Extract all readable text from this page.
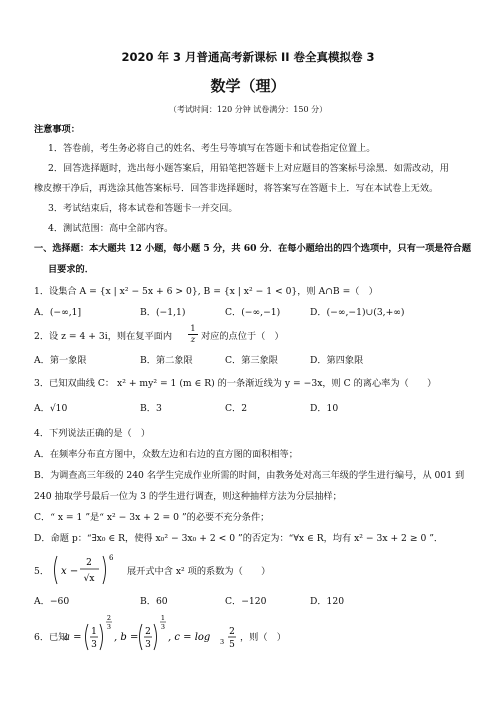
2020 年 3 月普通高考新课标 II 卷全真模拟卷 3
数学（理）
（考试时间：120 分钟 试卷满分：150 分）
注意事项：
1．答卷前，考生务必将自己的姓名、考生号等填写在答题卡和试卷指定位置上。
2．回答选择题时，选出每小题答案后，用铅笔把答题卡上对应题目的答案标号涂黑．如需改动，用
橡皮擦干净后，再选涂其他答案标号．回答非选择题时，将答案写在答题卡上．写在本试卷上无效。
3．考试结束后，将本试卷和答题卡一并交回。
4．测试范围：高中全部内容。
一、选择题：本大题共 12 小题，每小题 5 分，共 60 分．在每小题给出的四个选项中，只有一项是符合题
目要求的．
1．设集合 A = {x | x² − 5x + 6 > 0}, B = {x | x² − 1 < 0}，则 A∩B =（　）
A．(−∞,1]	B．(−1,1)	C．(−∞,−1)	D．(−∞,−1)∪(3,+∞)
2．设 z = 4 + 3i，则在复平面内 $\frac{1}{z}$ 对应的点位于（　）
A．第一象限	B．第二象限	C．第三象限	D．第四象限
3．已知双曲线 C： x² + my² = 1 (m ∈ R) 的一条渐近线为 y = −3x，则 C 的离心率为（　　）
A．√10	B．3	C．2	D．10
4．下列说法正确的是（　）
A．在频率分布直方图中，众数左边和右边的直方图的面积相等；
B．为调查高三年级的 240 名学生完成作业所需的时间，由教务处对高三年级的学生进行编号，从 001 到
240 抽取学号最后一位为 3 的学生进行调查，则这种抽样方法为分层抽样；
C．“ x = 1 ”是“ x² − 3x + 2 = 0 ”的必要不充分条件；
D．命题 p：“∃x₀ ∈ R，使得 x₀² − 3x₀ + 2 < 0 ”的否定为：“∀x ∈ R，均有 x² − 3x + 2 ≥ 0 ”．
5． x −
2
√x
6
展开式中含 x² 项的系数为（　　）
A．−60	B．60	C．−120	D．120
6．已知
a = 1
3
2
3
, b = 2
3
1
3
, c = log 3
2
5
，则（　）
